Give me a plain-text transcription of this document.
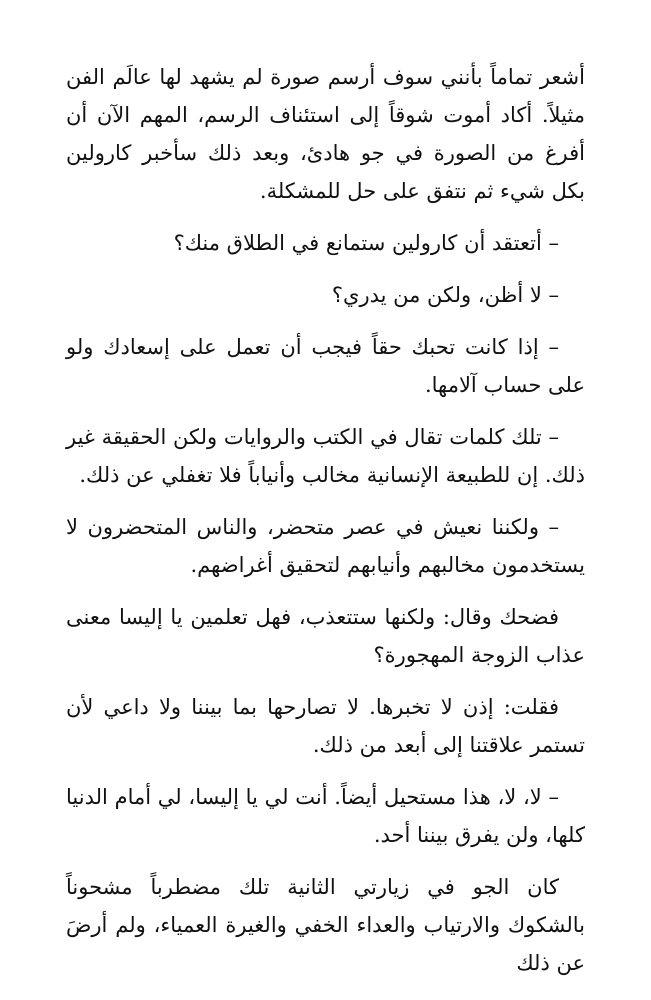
أشعر تماماً بأنني سوف أرسم صورة لم يشهد لها عالَم الفن مثيلاً. أكاد أموت شوقاً إلى استئناف الرسم، المهم الآن أن أفرغ من الصورة في جو هادئ، وبعد ذلك سأخبر كارولين بكل شيء ثم نتفق على حل للمشكلة.

– أتعتقد أن كارولين ستمانع في الطلاق منك؟

– لا أظن، ولكن من يدري؟

– إذا كانت تحبك حقاً فيجب أن تعمل على إسعادك ولو على حساب آلامها.

– تلك كلمات تقال في الكتب والروايات ولكن الحقيقة غير ذلك. إن للطبيعة الإنسانية مخالب وأنياباً فلا تغفلي عن ذلك.

– ولكننا نعيش في عصر متحضر، والناس المتحضرون لا يستخدمون مخالبهم وأنيابهم لتحقيق أغراضهم.

فضحك وقال: ولكنها ستتعذب، فهل تعلمين يا إليسا معنى عذاب الزوجة المهجورة؟

فقلت: إذن لا تخبرها. لا تصارحها بما بيننا ولا داعي لأن تستمر علاقتنا إلى أبعد من ذلك.

– لا، لا، هذا مستحيل أيضاً. أنت لي يا إليسا، لي أمام الدنيا كلها، ولن يفرق بيننا أحد.

كان الجو في زيارتي الثانية تلك مضطرباً مشحوناً بالشكوك والارتياب والعداء الخفي والغيرة العمياء، ولم أرضَ عن ذلك
